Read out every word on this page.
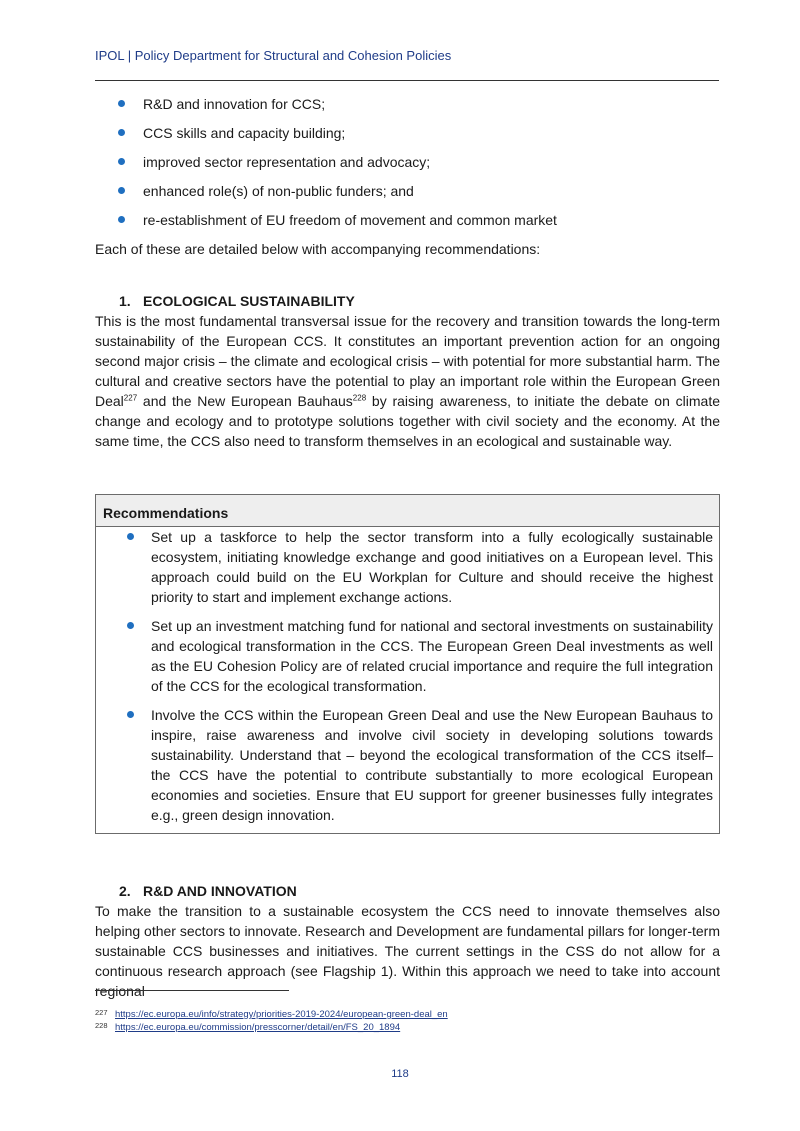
IPOL | Policy Department for Structural and Cohesion Policies
R&D and innovation for CCS;
CCS skills and capacity building;
improved sector representation and advocacy;
enhanced role(s) of non-public funders; and
re-establishment of EU freedom of movement and common market
Each of these are detailed below with accompanying recommendations:
1. ECOLOGICAL SUSTAINABILITY

This is the most fundamental transversal issue for the recovery and transition towards the long-term sustainability of the European CCS. It constitutes an important prevention action for an ongoing second major crisis – the climate and ecological crisis – with potential for more substantial harm. The cultural and creative sectors have the potential to play an important role within the European Green Deal$^{227}$ and the New European Bauhaus$^{228}$ by raising awareness, to initiate the debate on climate change and ecology and to prototype solutions together with civil society and the economy. At the same time, the CCS also need to transform themselves in an ecological and sustainable way.

Recommendations
Set up a taskforce to help the sector transform into a fully ecologically sustainable ecosystem, initiating knowledge exchange and good initiatives on a European level. This approach could build on the EU Workplan for Culture and should receive the highest priority to start and implement exchange actions.
Set up an investment matching fund for national and sectoral investments on sustainability and ecological transformation in the CCS. The European Green Deal investments as well as the EU Cohesion Policy are of related crucial importance and require the full integration of the CCS for the ecological transformation.
Involve the CCS within the European Green Deal and use the New European Bauhaus to inspire, raise awareness and involve civil society in developing solutions towards sustainability. Understand that – beyond the ecological transformation of the CCS itself– the CCS have the potential to contribute substantially to more ecological European economies and societies. Ensure that EU support for greener businesses fully integrates e.g., green design innovation.
2. R&D AND INNOVATION

To make the transition to a sustainable ecosystem the CCS need to innovate themselves also helping other sectors to innovate. Research and Development are fundamental pillars for longer-term sustainable CCS businesses and initiatives. The current settings in the CSS do not allow for a continuous research approach (see Flagship 1). Within this approach we need to take into account regional

227 https://ec.europa.eu/info/strategy/priorities-2019-2024/european-green-deal_en
228 https://ec.europa.eu/commission/presscorner/detail/en/FS_20_1894
118
